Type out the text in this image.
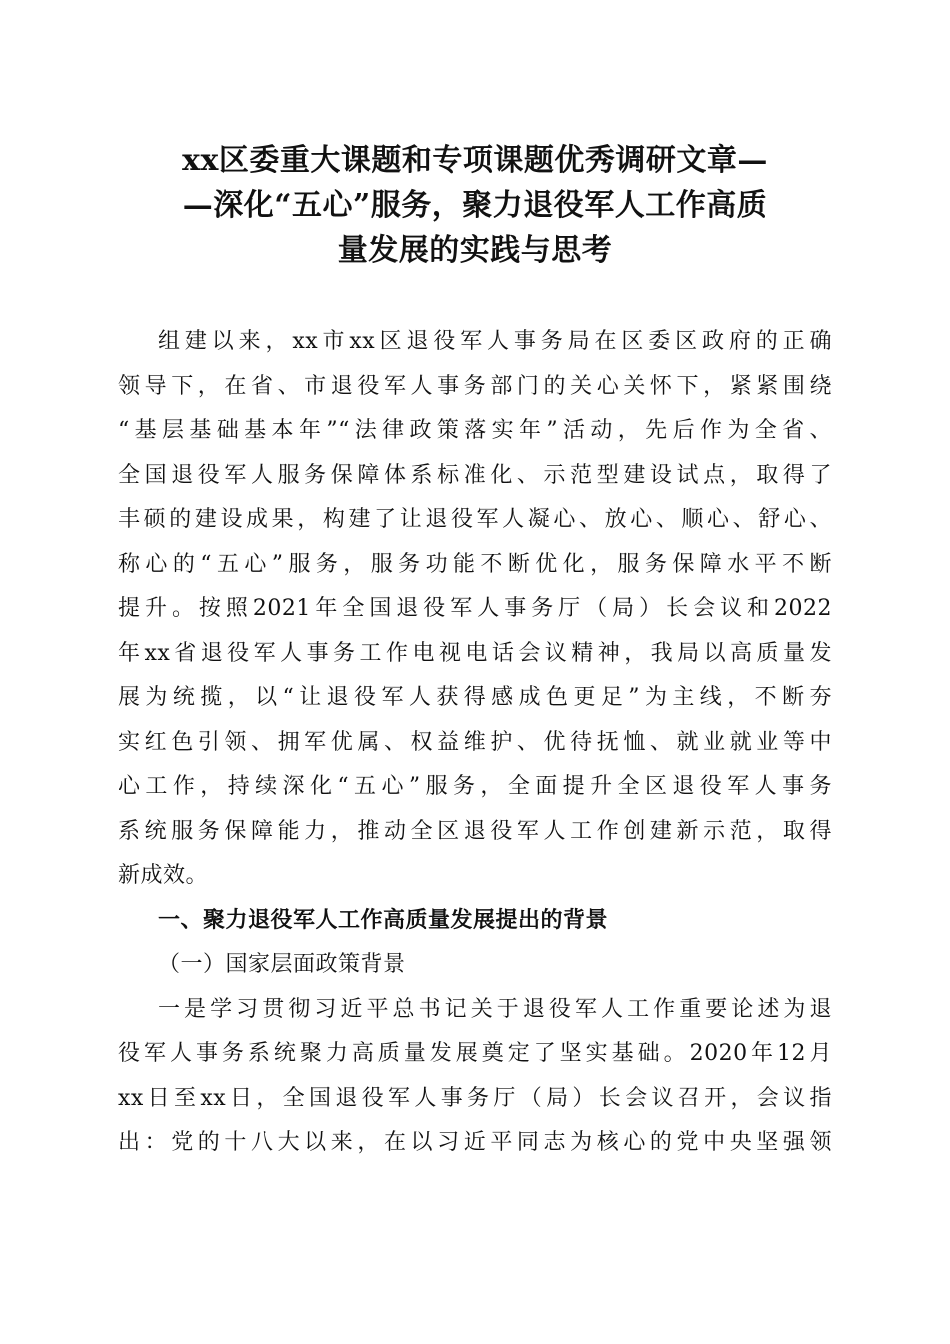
xx区委重大课题和专项课题优秀调研文章—
—深化“五心”服务，聚力退役军人工作高质
量发展的实践与思考
组建以来，xx市xx区退役军人事务局在区委区政府的正确
领导下，在省、市退役军人事务部门的关心关怀下，紧紧围绕
“基层基础基本年”“法律政策落实年”活动，先后作为全省、
全国退役军人服务保障体系标准化、示范型建设试点，取得了
丰硕的建设成果，构建了让退役军人凝心、放心、顺心、舒心、
称心的“五心”服务，服务功能不断优化，服务保障水平不断
提升。按照2021年全国退役军人事务厅（局）长会议和2022
年xx省退役军人事务工作电视电话会议精神，我局以高质量发
展为统揽，以“让退役军人获得感成色更足”为主线，不断夯
实红色引领、拥军优属、权益维护、优待抚恤、就业就业等中
心工作，持续深化“五心”服务，全面提升全区退役军人事务
系统服务保障能力，推动全区退役军人工作创建新示范，取得
新成效。
一、聚力退役军人工作高质量发展提出的背景
（一）国家层面政策背景
一是学习贯彻习近平总书记关于退役军人工作重要论述为退
役军人事务系统聚力高质量发展奠定了坚实基础。2020年12月
xx日至xx日，全国退役军人事务厅（局）长会议召开，会议指
出：党的十八大以来，在以习近平同志为核心的党中央坚强领
